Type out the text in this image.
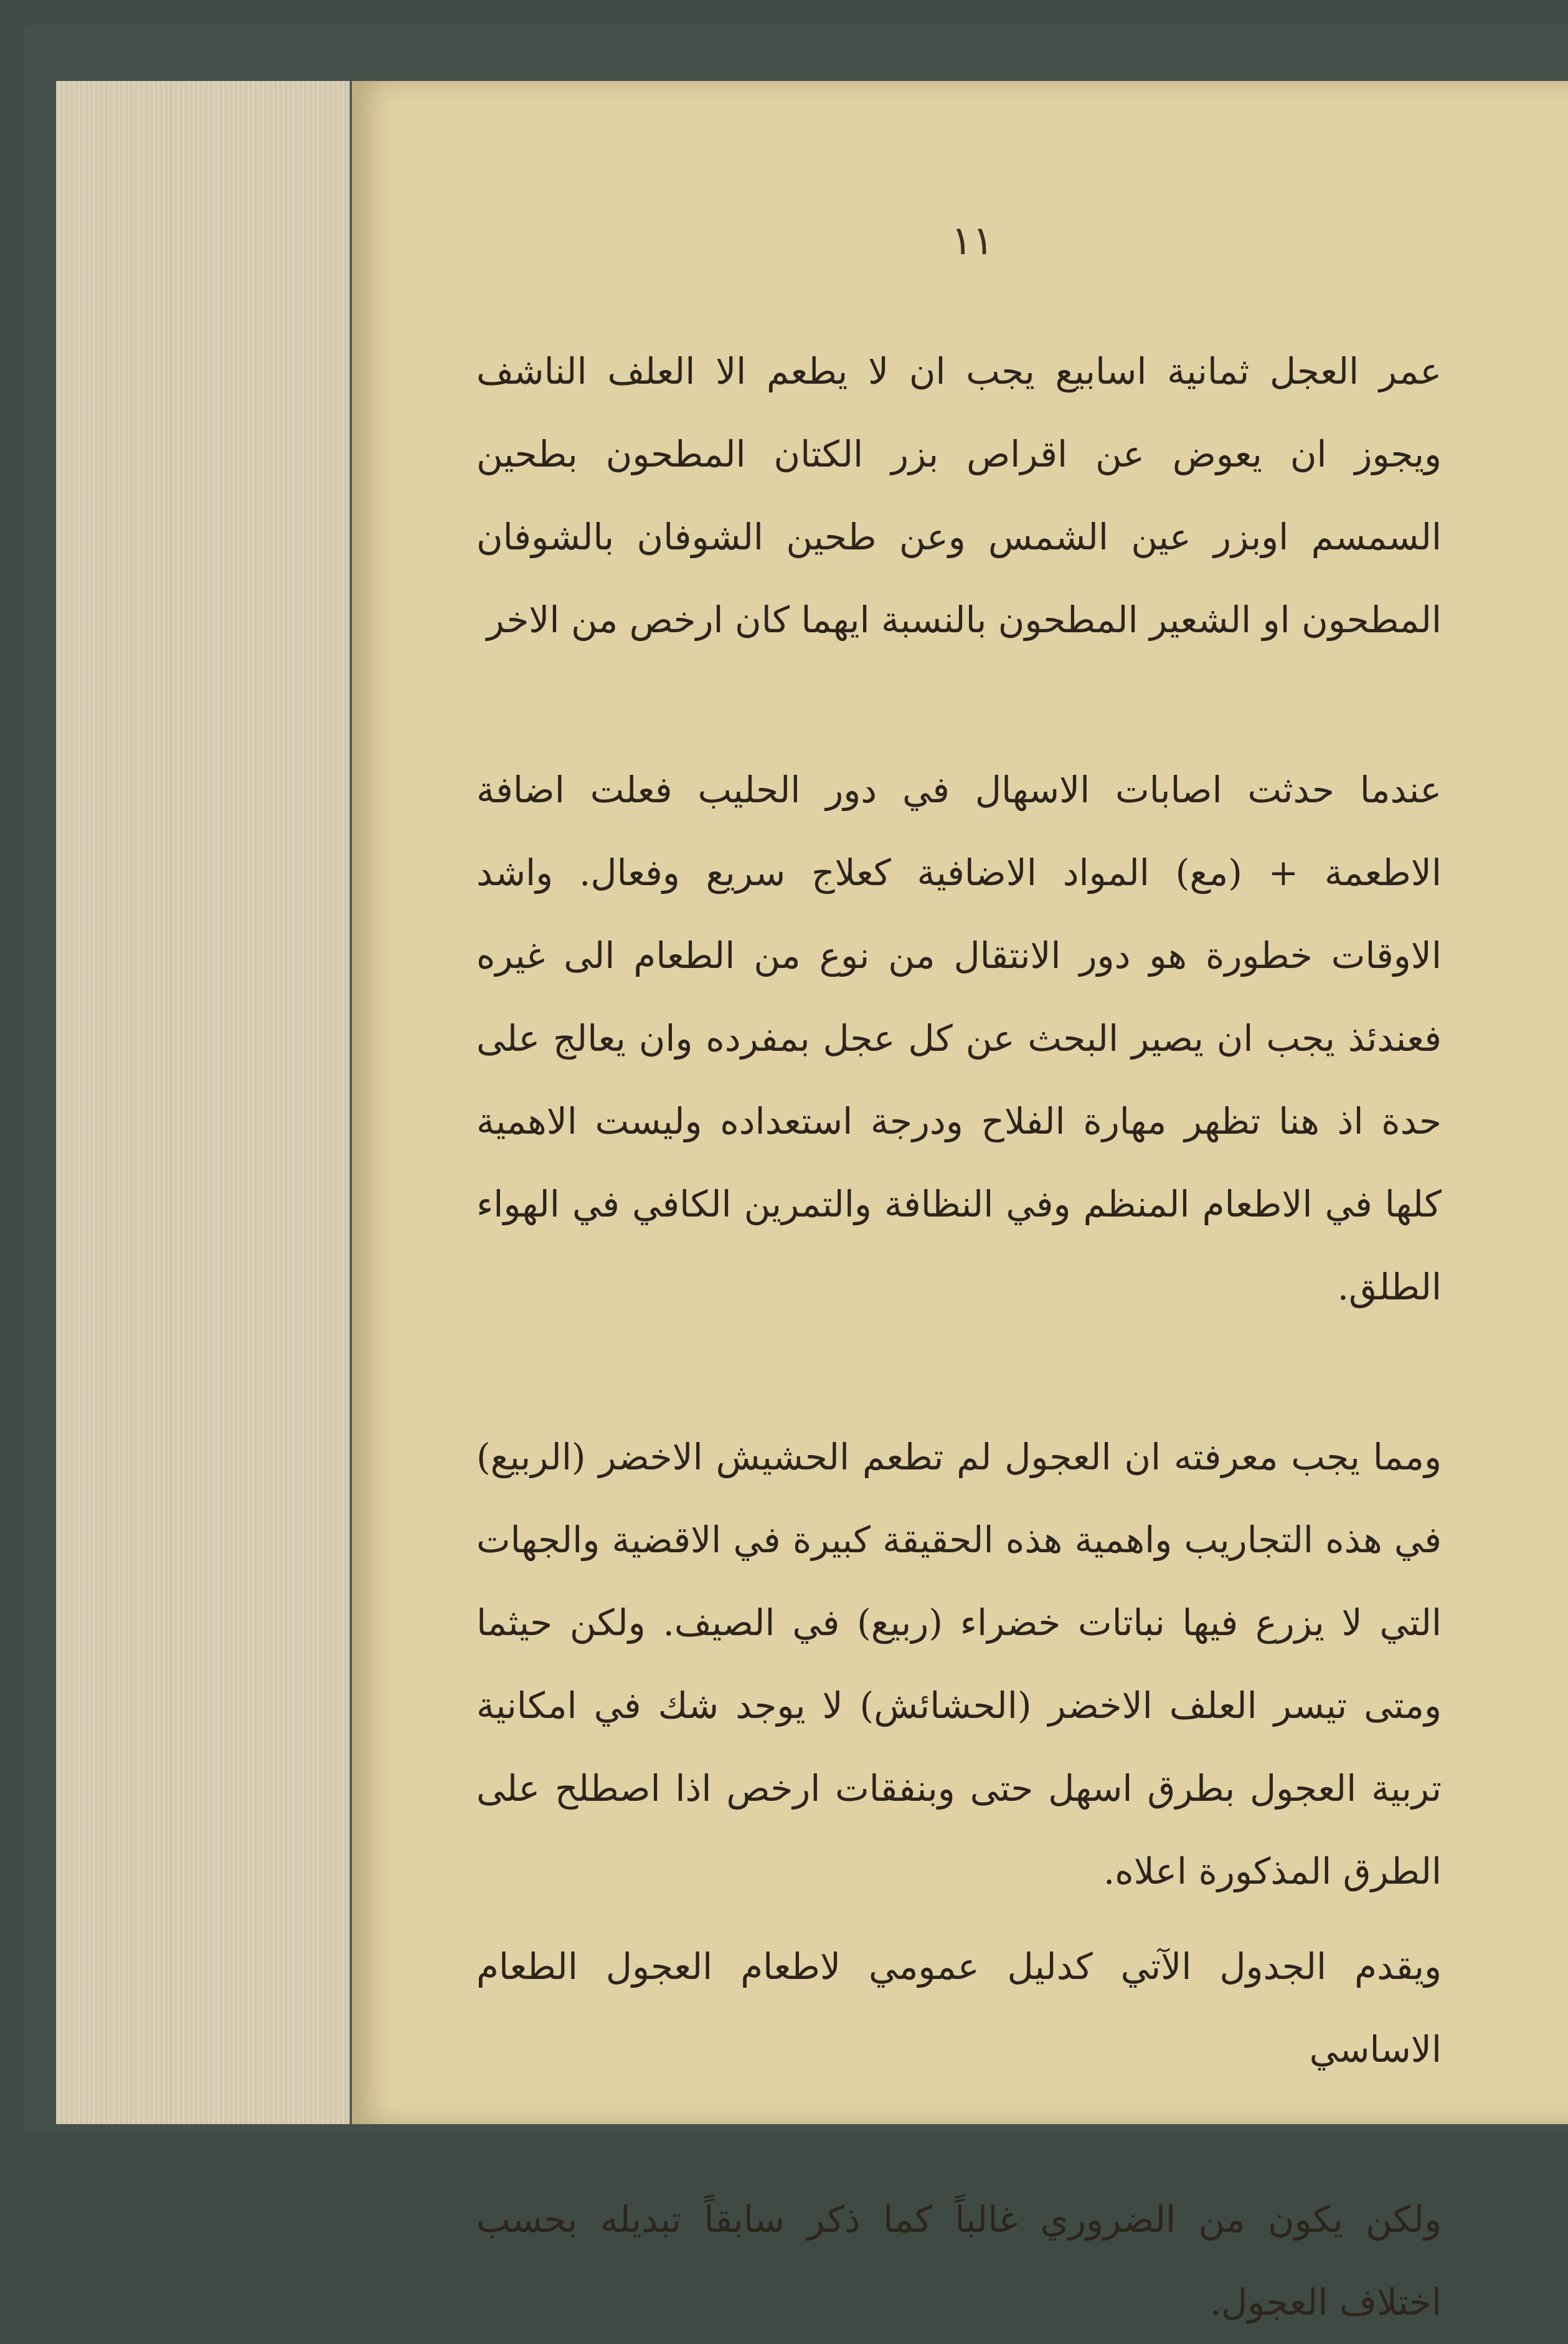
١١

عمر العجل ثمانية اسابيع يجب ان لا يطعم الا العلف الناشف ويجوز ان يعوض عن اقراص بزر الكتان المطحون بطحين السمسم اوبزر عين الشمس وعن طحين الشوفان بالشوفان المطحون او الشعير المطحون بالنسبة ايهما كان ارخص من الاخر

عندما حدثت اصابات الاسهال في دور الحليب فعلت اضافة الاطعمة + (مع) المواد الاضافية كعلاج سريع وفعال. واشد الاوقات خطورة هو دور الانتقال من نوع من الطعام الى غيره فعندئذ يجب ان يصير البحث عن كل عجل بمفرده وان يعالج على حدة اذ هنا تظهر مهارة الفلاح ودرجة استعداده وليست الاهمية كلها في الاطعام المنظم وفي النظافة والتمرين الكافي في الهواء الطلق.

ومما يجب معرفته ان العجول لم تطعم الحشيش الاخضر (الربيع) في هذه التجاريب واهمية هذه الحقيقة كبيرة في الاقضية والجهات التي لا يزرع فيها نباتات خضراء (ربيع) في الصيف. ولكن حيثما ومتى تيسر العلف الاخضر (الحشائش) لا يوجد شك في امكانية تربية العجول بطرق اسهل حتى وبنفقات ارخص اذا اصطلح على الطرق المذكورة اعلاه.

ويقدم الجدول الآتي كدليل عمومي لاطعام العجول الطعام الاساسي

ولكن يكون من الضروري غالباً كما ذكر سابقاً تبديله بحسب اختلاف العجول.
